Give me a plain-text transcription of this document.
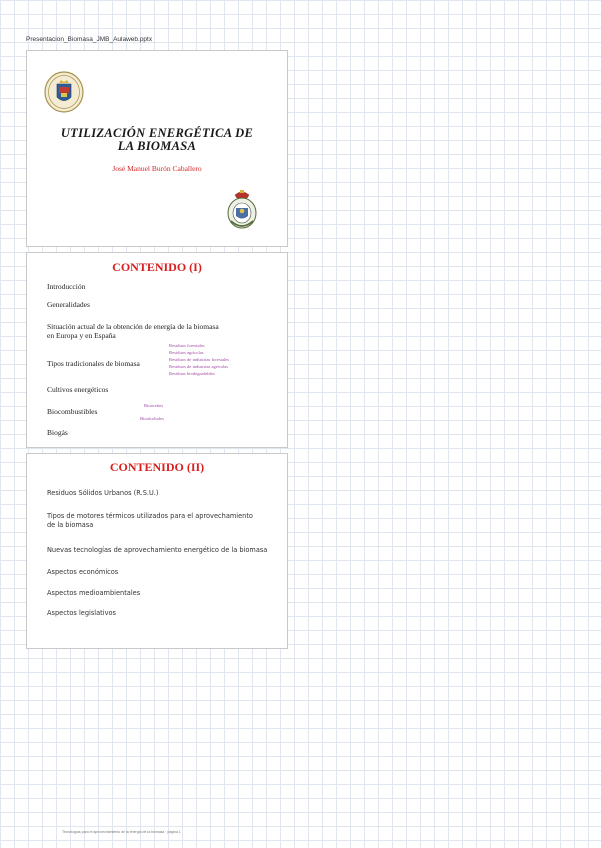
Presentacion_Biomasa_JMB_Aulaweb.pptx
UTILIZACIÓN ENERGÉTICA DE
LA BIOMASA
José Manuel Burón Caballero
CONTENIDO (I)
Introducción
Generalidades
Situación actual de la obtención de energía de la biomasa
en Europa y en España
Tipos tradicionales de biomasa
Residuos forestales
Residuos agrícolas
Residuos de industrias forestales
Residuos de industrias agrícolas
Residuos biodegradables
Cultivos energéticos
Biocombustibles
Bioaceites
Bioalcoholes
Biogás
CONTENIDO (II)
Residuos Sólidos Urbanos (R.S.U.)
Tipos de motores térmicos utilizados para el aprovechamiento
de la biomasa
Nuevas tecnologías de aprovechamiento energético de la biomasa
Aspectos económicos
Aspectos medioambientales
Aspectos legislativos
Tecnologías para el aprovechamiento de la energía de la biomasa · página 1
